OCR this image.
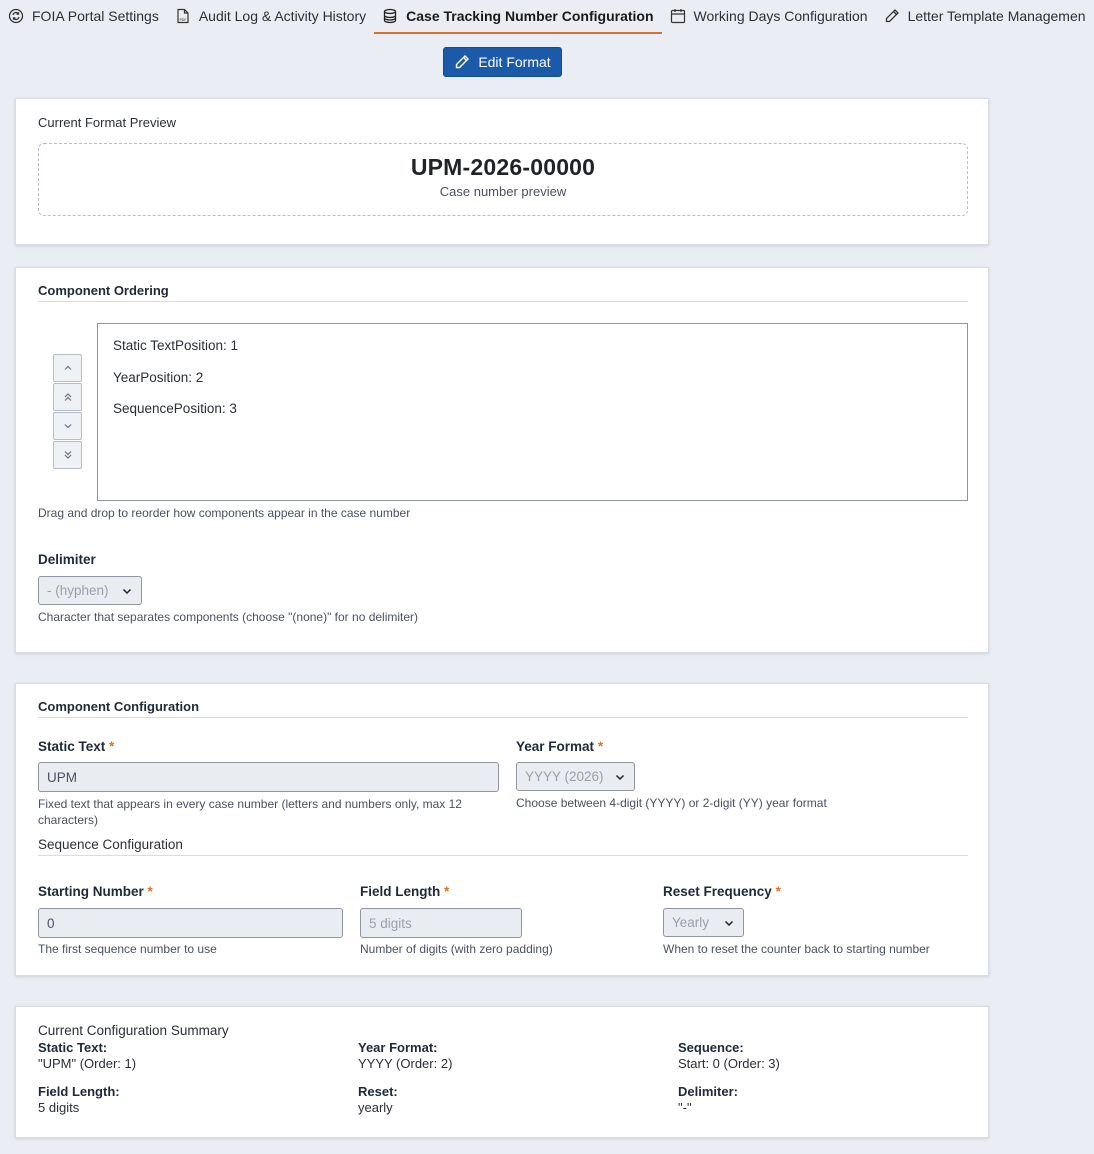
FOIA Portal Settings	PDF Audit Log & Activity History	Case Tracking Number Configuration	Working Days Configuration	Letter Template Managemen
Edit Format
Current Format Preview
UPM-2026-00000
Case number preview
Component Ordering
Static TextPosition: 1
YearPosition: 2
SequencePosition: 3
Drag and drop to reorder how components appear in the case number
Delimiter
- (hyphen)
Character that separates components (choose "(none)" for no delimiter)
Component Configuration
Static Text *
UPM
Fixed text that appears in every case number (letters and numbers only, max 12 characters)
Year Format *
YYYY (2026)
Choose between 4-digit (YYYY) or 2-digit (YY) year format
Sequence Configuration
Starting Number *
0
The first sequence number to use
Field Length *
5 digits
Number of digits (with zero padding)
Reset Frequency *
Yearly
When to reset the counter back to starting number
Current Configuration Summary
Static Text:
"UPM" (Order: 1)
Year Format:
YYYY (Order: 2)
Sequence:
Start: 0 (Order: 3)
Field Length:
5 digits
Reset:
yearly
Delimiter:
"-"
